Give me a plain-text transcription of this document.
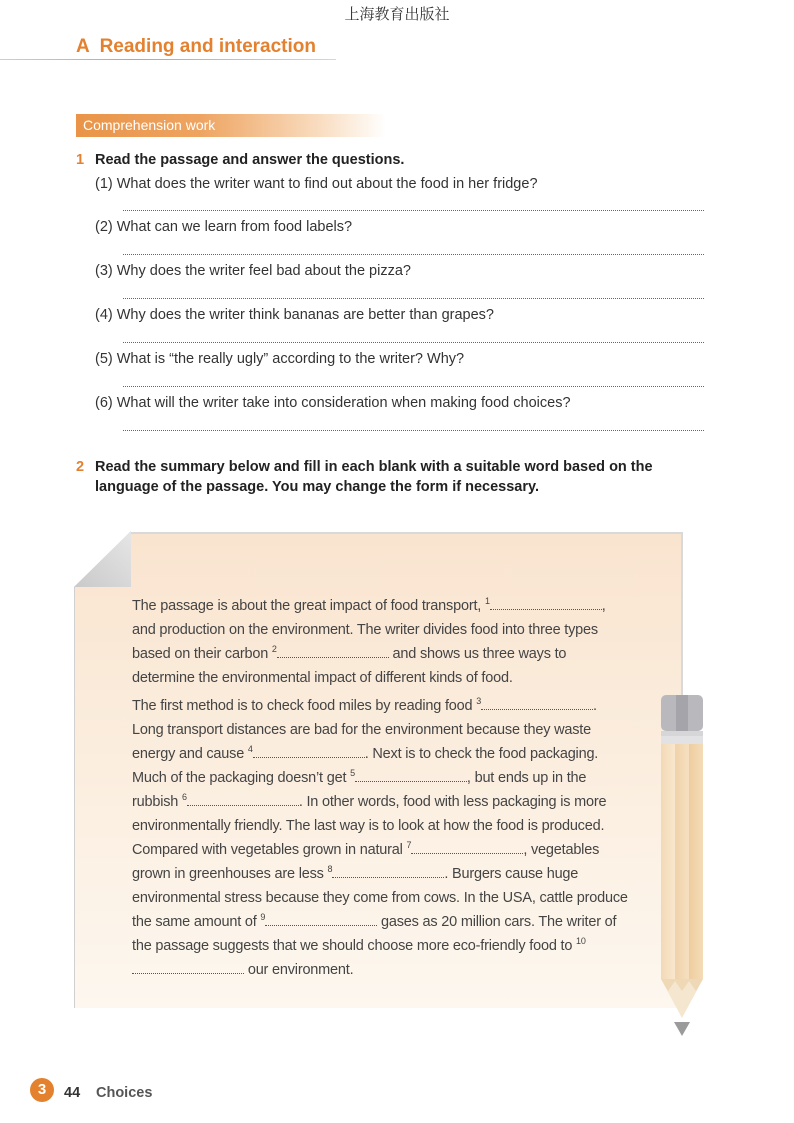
上海教育出版社
A  Reading and interaction
Comprehension work
1 Read the passage and answer the questions.
(1) What does the writer want to find out about the food in her fridge?
(2) What can we learn from food labels?
(3) Why does the writer feel bad about the pizza?
(4) Why does the writer think bananas are better than grapes?
(5) What is “the really ugly” according to the writer? Why?
(6) What will the writer take into consideration when making food choices?
2 Read the summary below and fill in each blank with a suitable word based on the
language of the passage. You may change the form if necessary.

The passage is about the great impact of food transport, $^1$	, and production on the environment. The writer divides food into three types based on their carbon $^2$	and shows us three ways to determine the environmental impact of different kinds of food.

The first method is to check food miles by reading food $^3$	. Long transport distances are bad for the environment because they waste energy and cause $^4$	. Next is to check the food packaging. Much of the packaging doesn’t get $^5$	, but ends up in the rubbish $^6$	. In other words, food with less packaging is more environmentally friendly. The last way is to look at how the food is produced. Compared with vegetables grown in natural $^7$	, vegetables grown in greenhouses are less $^8$	. Burgers cause huge environmental stress because they come from cows. In the USA, cattle produce the same amount of $^9$	gases as 20 million cars. The writer of the passage suggests that we should choose more eco-friendly food to $^{10}$ our environment.

3	44 Choices
